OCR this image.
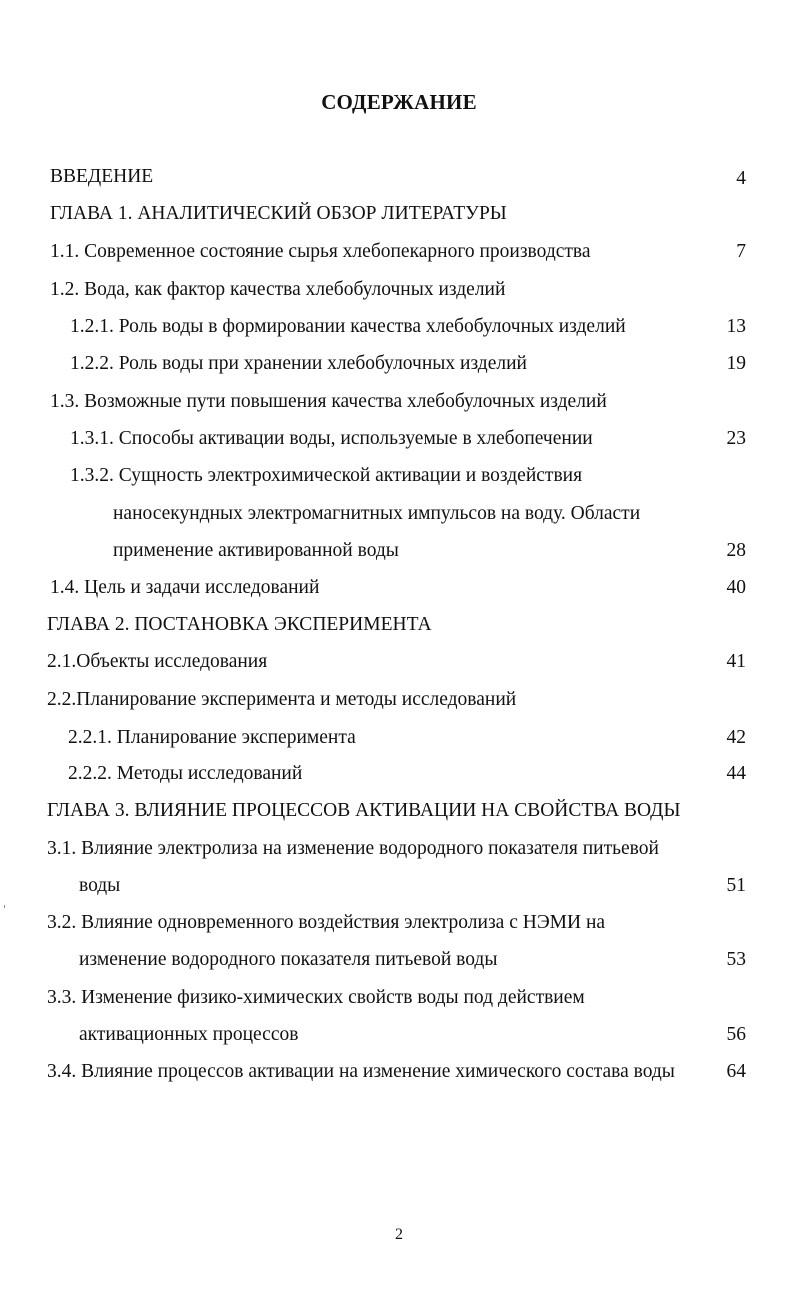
СОДЕРЖАНИЕ
ВВЕДЕНИЕ	4
ГЛАВА 1. АНАЛИТИЧЕСКИЙ ОБЗОР ЛИТЕРАТУРЫ
1.1. Современное состояние сырья хлебопекарного производства	7
1.2. Вода, как фактор качества хлебобулочных изделий
1.2.1. Роль воды в формировании качества хлебобулочных изделий	13
1.2.2. Роль воды при хранении хлебобулочных изделий	19
1.3. Возможные пути повышения качества хлебобулочных изделий
1.3.1. Способы активации воды, используемые в хлебопечении	23
1.3.2. Сущность электрохимической активации и воздействия
наносекундных электромагнитных импульсов на воду. Области
применение активированной воды	28
1.4. Цель и задачи исследований	40
ГЛАВА 2. ПОСТАНОВКА ЭКСПЕРИМЕНТА
2.1.Объекты исследования	41
2.2.Планирование эксперимента и методы исследований
2.2.1. Планирование эксперимента	42
2.2.2. Методы исследований	44
ГЛАВА 3. ВЛИЯНИЕ ПРОЦЕССОВ АКТИВАЦИИ НА СВОЙСТВА ВОДЫ
3.1. Влияние электролиза на изменение водородного показателя питьевой
воды	51
3.2. Влияние одновременного воздействия электролиза с НЭМИ на
изменение водородного показателя питьевой воды	53
3.3. Изменение физико-химических свойств воды под действием
активационных процессов	56
3.4. Влияние процессов активации на изменение химического состава воды	64
2
